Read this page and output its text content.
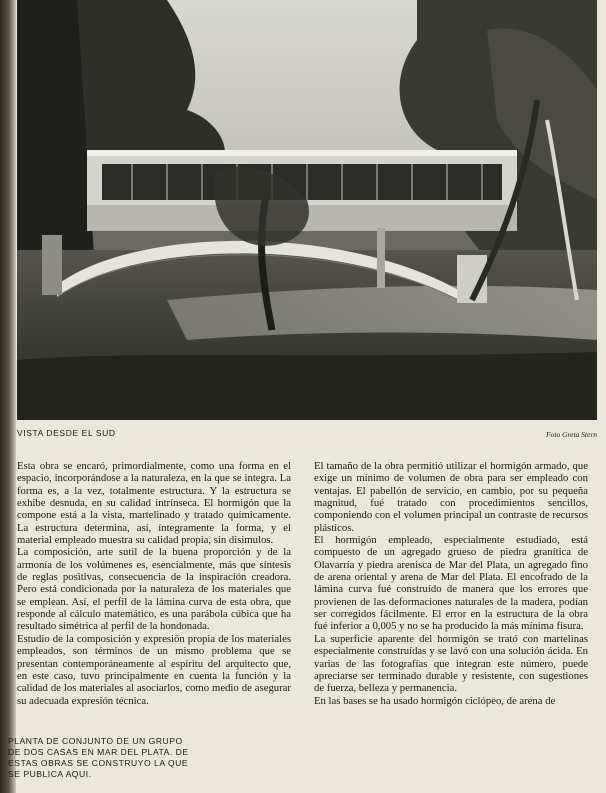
VISTA DESDE EL SUD	Foto Greta Stern

Esta obra se encaró, primordialmente, como una forma en el espacio, incorporándose a la naturaleza, en la que se integra. La forma es, a la vez, totalmente estructura. Y la estructura se exhibe desnuda, en su calidad intrínseca. El hormigón que la compone está a la vista, martelinado y tratado químicamente. La estructura determina, así, íntegramente la forma, y el material empleado muestra su calidad propia, sin disimulos.

La composición, arte sutil de la buena proporción y de la armonía de los volúmenes es, esencialmente, más que síntesis de reglas positivas, consecuencia de la inspiración creadora. Pero está condicionada por la naturaleza de los materiales que se emplean. Así, el perfil de la lámina curva de esta obra, que responde al cálculo matemático, es una parábola cúbica que ha resultado simétrica al perfil de la hondonada.

Estudio de la composición y expresión propia de los materiales empleados, son términos de un mismo problema que se presentan contemporáneamente al espíritu del arquitecto que, en este caso, tuvo principalmente en cuenta la función y la calidad de los materiales al asociarlos, como medio de asegurar su adecuada expresión técnica.

El tamaño de la obra permitió utilizar el hormigón armado, que exige un mínimo de volumen de obra para ser empleado con ventajas. El pabellón de servicio, en cambio, por su pequeña magnitud, fué tratado con procedimientos sencillos, componiendo con el volumen principal un contraste de recursos plásticos.

El hormigón empleado, especialmente estudiado, está compuesto de un agregado grueso de piedra granítica de Olavarría y piedra arenisca de Mar del Plata, un agregado fino de arena oriental y arena de Mar del Plata. El encofrado de la lámina curva fué construído de manera que los errores que provienen de las deformaciones naturales de la madera, podían ser corregidos fácilmente. El error en la estructura de la obra fué inferior a 0,005 y no se ha producido la más mínima fisura.

La superficie aparente del hormigón se trató con martelinas especialmente construídas y se lavó con una solución ácida. En varias de las fotografías que integran este número, puede apreciarse ser terminado durable y resistente, con sugestiones de fuerza, belleza y permanencia.

En las bases se ha usado hormigón ciclópeo, de arena de

PLANTA DE CONJUNTO DE UN GRUPO DE DOS CASAS EN MAR DEL PLATA. DE ESTAS OBRAS SE CONSTRUYO LA QUE SE PUBLICA AQUI.
